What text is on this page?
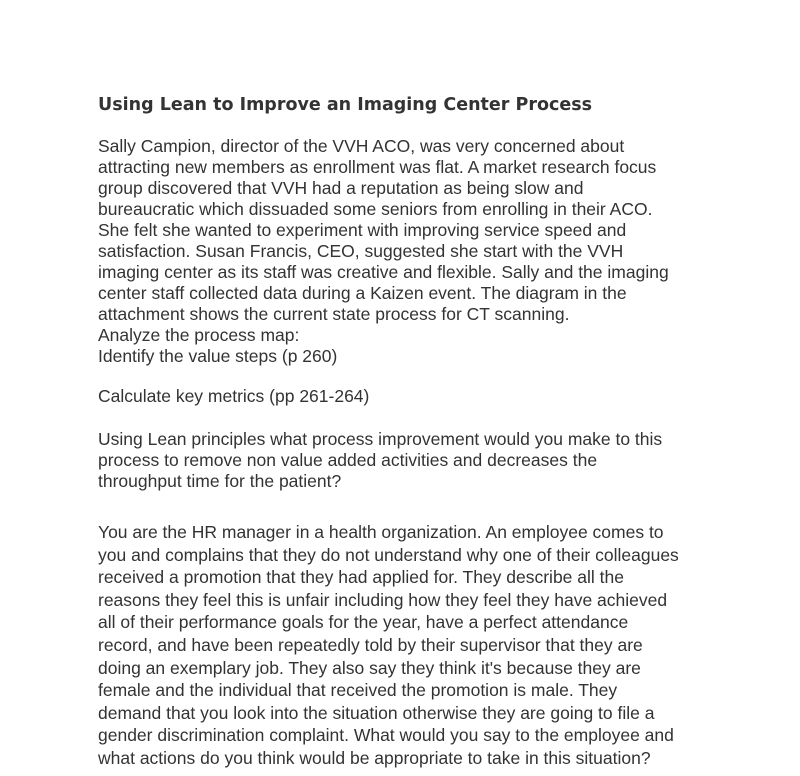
Using Lean to Improve an Imaging Center Process

Sally Campion, director of the VVH ACO, was very concerned about
attracting new members as enrollment was flat. A market research focus
group discovered that VVH had a reputation as being slow and
bureaucratic which dissuaded some seniors from enrolling in their ACO.
She felt she wanted to experiment with improving service speed and
satisfaction. Susan Francis, CEO, suggested she start with the VVH
imaging center as its staff was creative and flexible. Sally and the imaging
center staff collected data during a Kaizen event. The diagram in the
attachment shows the current state process for CT scanning.
Analyze the process map:
Identify the value steps (p 260)

Calculate key metrics (pp 261-264)

Using Lean principles what process improvement would you make to this
process to remove non value added activities and decreases the
throughput time for the patient?

You are the HR manager in a health organization. An employee comes to
you and complains that they do not understand why one of their colleagues
received a promotion that they had applied for. They describe all the
reasons they feel this is unfair including how they feel they have achieved
all of their performance goals for the year, have a perfect attendance
record, and have been repeatedly told by their supervisor that they are
doing an exemplary job. They also say they think it's because they are
female and the individual that received the promotion is male. They
demand that you look into the situation otherwise they are going to file a
gender discrimination complaint. What would you say to the employee and
what actions do you think would be appropriate to take in this situation?
